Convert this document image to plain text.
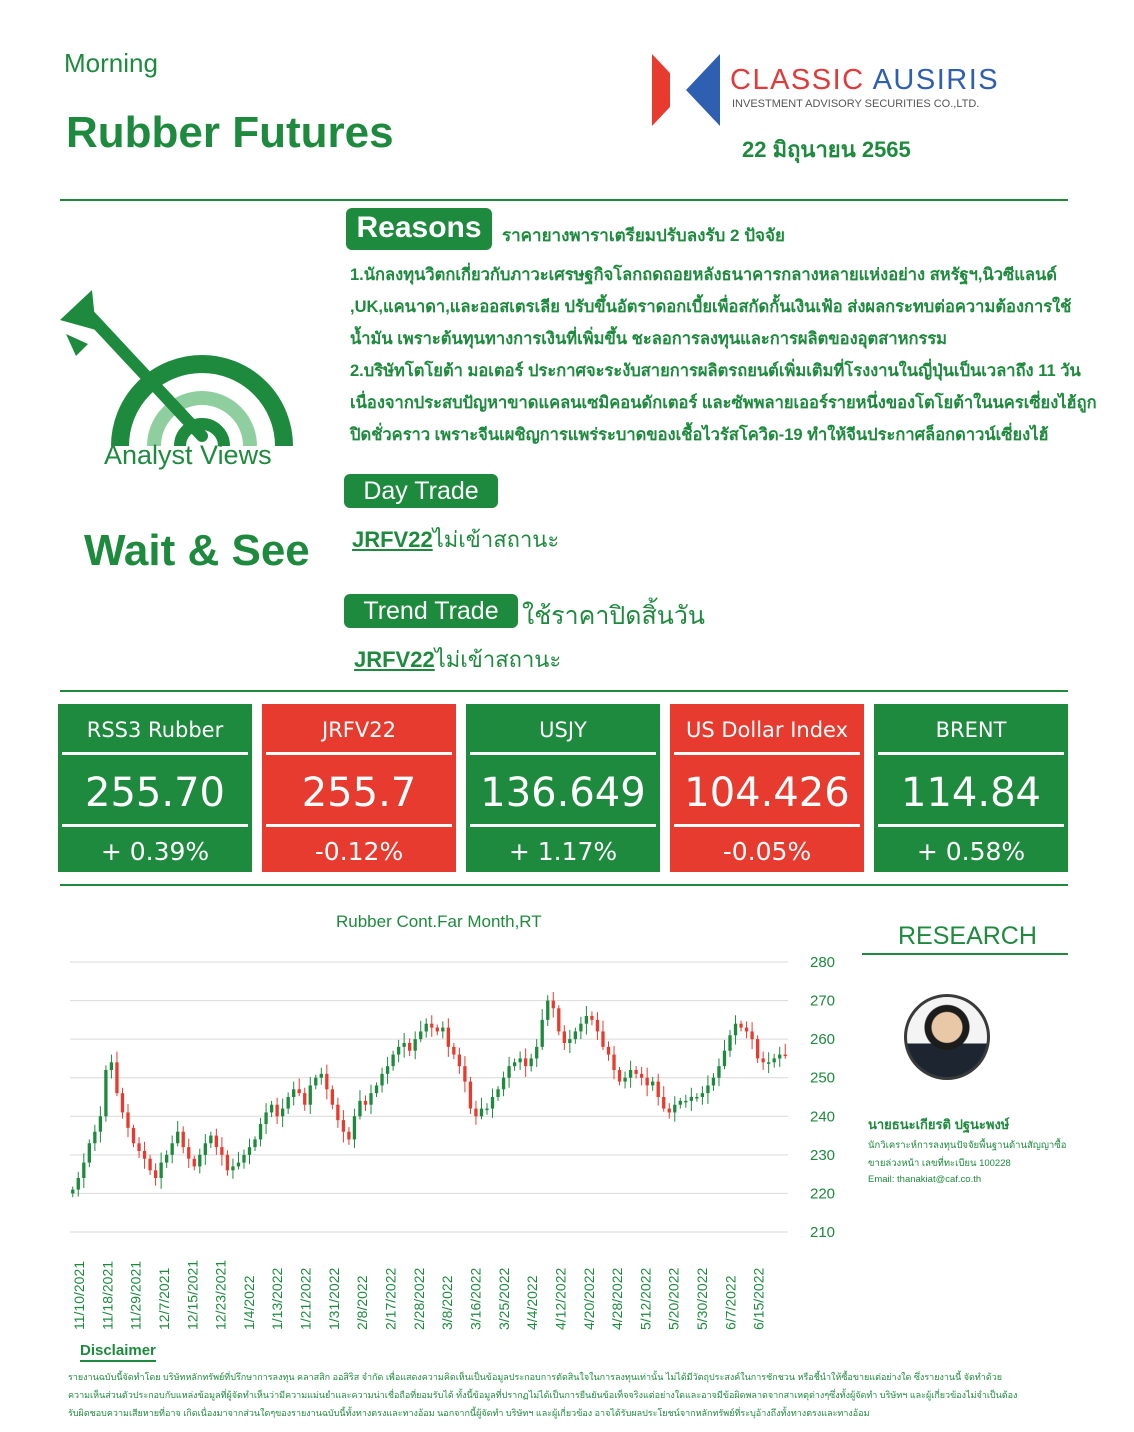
Morning
Rubber Futures
CLASSIC AUSIRIS
INVESTMENT ADVISORY SECURITIES CO.,LTD.
22 มิถุนายน 2565
Analyst Views
Wait & See
Reasons	ราคายางพาราเตรียมปรับลงรับ 2 ปัจจัย
1.นักลงทุนวิตกเกี่ยวกับภาวะเศรษฐกิจโลกถดถอยหลังธนาคารกลางหลายแห่งอย่าง สหรัฐฯ,นิวซีแลนด์
,UK,แคนาดา,และออสเตรเลีย ปรับขึ้นอัตราดอกเบี้ยเพื่อสกัดกั้นเงินเฟ้อ ส่งผลกระทบต่อความต้องการใช้
น้ำมัน เพราะต้นทุนทางการเงินที่เพิ่มขึ้น ชะลอการลงทุนและการผลิตของอุตสาหกรรม
2.บริษัทโตโยต้า มอเตอร์ ประกาศจะระงับสายการผลิตรถยนต์เพิ่มเติมที่โรงงานในญี่ปุ่นเป็นเวลาถึง 11 วัน
เนื่องจากประสบปัญหาขาดแคลนเซมิคอนดักเตอร์ และซัพพลายเออร์รายหนึ่งของโตโยต้าในนครเซี่ยงไฮ้ถูก
ปิดชั่วคราว เพราะจีนเผชิญการแพร่ระบาดของเชื้อไวรัสโควิด-19 ทำให้จีนประกาศล็อกดาวน์เซี่ยงไฮ้
Day Trade
JRFV22ไม่เข้าสถานะ
Trend Trade ใช้ราคาปิดสิ้นวัน
JRFV22ไม่เข้าสถานะ
RSS3 Rubber
255.70
+ 0.39%
JRFV22
255.7
-0.12%
USJY
136.649
+ 1.17%
US Dollar Index
104.426
-0.05%
BRENT
114.84
+ 0.58%
Rubber Cont.Far Month,RT
210
220
230
240
250
260
270
280
11/10/2021 11/18/2021 11/29/2021 12/7/2021 12/15/2021 12/23/2021 1/4/2022 1/13/2022 1/21/2022 1/31/2022 2/8/2022 2/17/2022 2/28/2022 3/8/2022 3/16/2022 3/25/2022 4/4/2022 4/12/2022 4/20/2022 4/28/2022 5/12/2022 5/20/2022 5/30/2022 6/7/2022 6/15/2022
RESEARCH
นายธนะเกียรติ ปฐนะพงษ์
นักวิเคราะห์การลงทุนปัจจัยพื้นฐานด้านสัญญาซื้อ
ขายล่วงหน้า เลขที่ทะเบียน 100228
Email: thanakiat@caf.co.th
Disclaimer
รายงานฉบับนี้จัดทำโดย บริษัทหลักทรัพย์ที่ปรึกษาการลงทุน คลาสสิก ออสิริส จำกัด เพื่อแสดงความคิดเห็นเป็นข้อมูลประกอบการตัดสินใจในการลงทุนเท่านั้น ไม่ได้มีวัตถุประสงค์ในการชักชวน หรือชี้นำให้ซื้อขายแต่อย่างใด ซึ่งรายงานนี้ จัดทำด้วย
ความเห็นส่วนตัวประกอบกับแหล่งข้อมูลที่ผู้จัดทำเห็นว่ามีความแม่นยำและความน่าเชื่อถือที่ยอมรับได้ ทั้งนี้ข้อมูลที่ปรากฏไม่ได้เป็นการยืนยันข้อเท็จจริงแต่อย่างใดและอาจมีข้อผิดพลาดจากสาเหตุต่างๆซึ่งทั้งผู้จัดทำ บริษัทฯ และผู้เกี่ยวข้องไม่จำเป็นต้อง
รับผิดชอบความเสียหายที่อาจ เกิดเนื่องมาจากส่วนใดๆของรายงานฉบับนี้ทั้งทางตรงและทางอ้อม นอกจากนี้ผู้จัดทำ บริษัทฯ และผู้เกี่ยวข้อง อาจได้รับผลประโยชน์จากหลักทรัพย์ที่ระบุอ้างถึงทั้งทางตรงและทางอ้อม
